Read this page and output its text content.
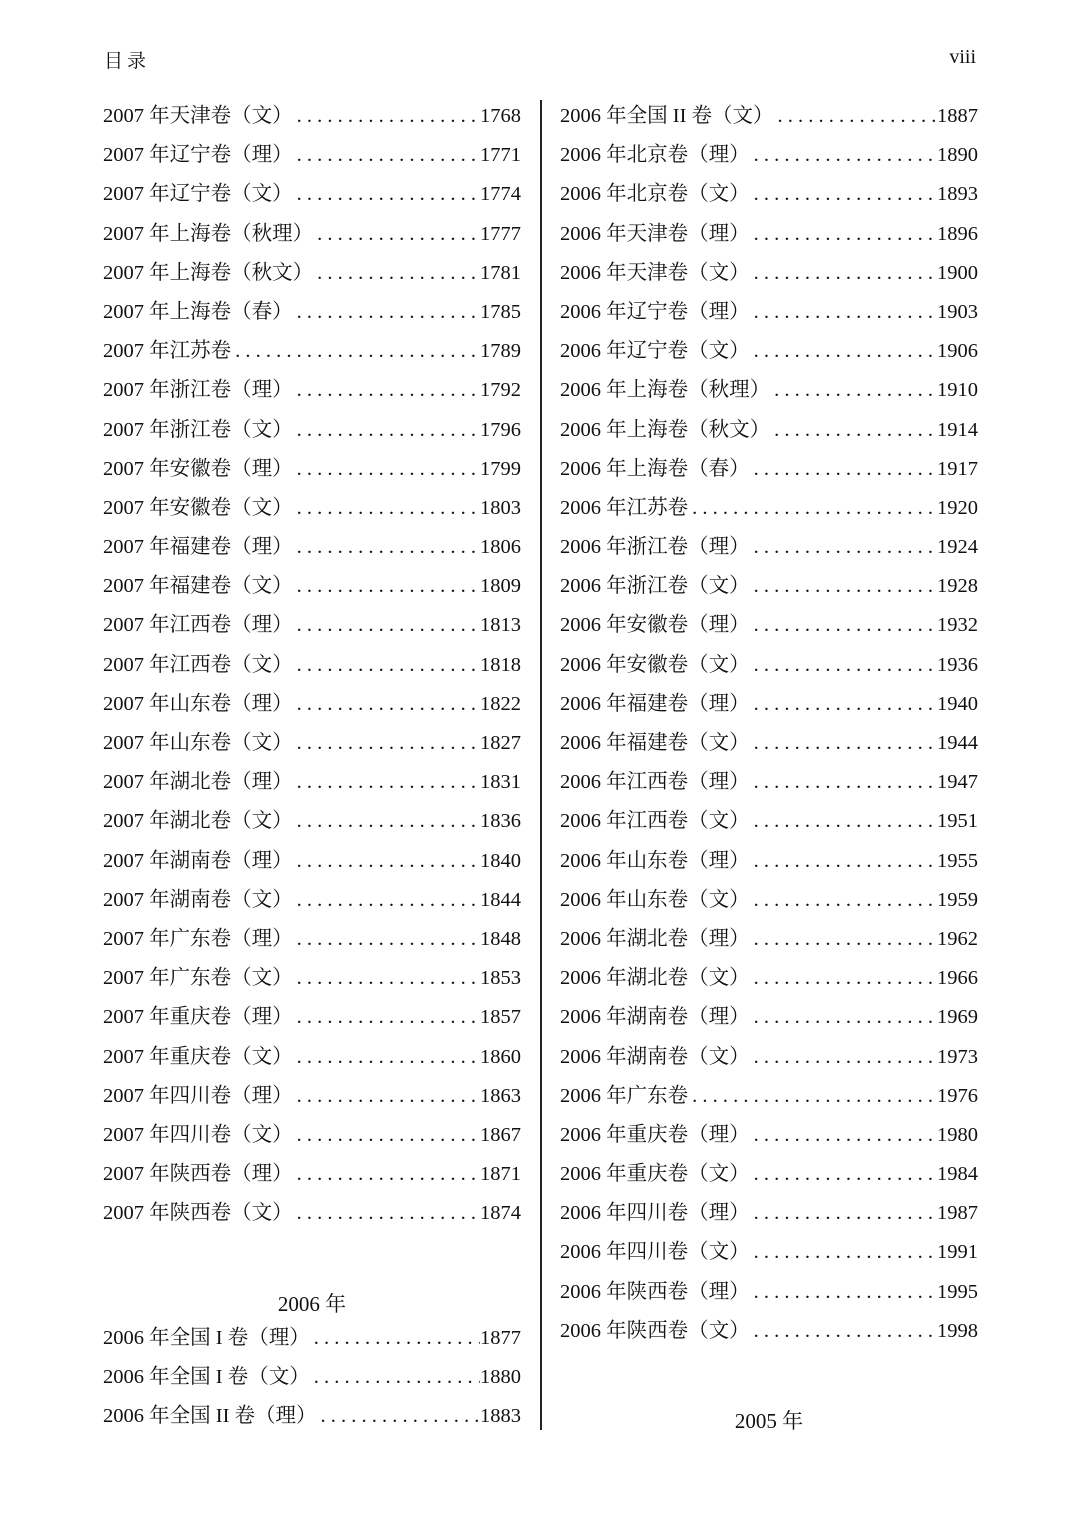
目录	viii
2007 年天津卷（文） . . .	1768
2007 年辽宁卷（理） . . .	1771
2007 年辽宁卷（文） . . .	1774
2007 年上海卷（秋理） . . .	1777
2007 年上海卷（秋文） . . .	1781
2007 年上海卷（春） . . .	1785
2007 年江苏卷 . . .	1789
2007 年浙江卷（理） . . .	1792
2007 年浙江卷（文） . . .	1796
2007 年安徽卷（理） . . .	1799
2007 年安徽卷（文） . . .	1803
2007 年福建卷（理） . . .	1806
2007 年福建卷（文） . . .	1809
2007 年江西卷（理） . . .	1813
2007 年江西卷（文） . . .	1818
2007 年山东卷（理） . . .	1822
2007 年山东卷（文） . . .	1827
2007 年湖北卷（理） . . .	1831
2007 年湖北卷（文） . . .	1836
2007 年湖南卷（理） . . .	1840
2007 年湖南卷（文） . . .	1844
2007 年广东卷（理） . . .	1848
2007 年广东卷（文） . . .	1853
2007 年重庆卷（理） . . .	1857
2007 年重庆卷（文） . . .	1860
2007 年四川卷（理） . . .	1863
2007 年四川卷（文） . . .	1867
2007 年陕西卷（理） . . .	1871
2007 年陕西卷（文） . . .	1874
2006 年
2006 年全国 I 卷（理） . . .	1877
2006 年全国 I 卷（文） . . .	1880
2006 年全国 II 卷（理） . . .	1883
2006 年全国 II 卷（文） . . .	1887
2006 年北京卷（理） . . .	1890
2006 年北京卷（文） . . .	1893
2006 年天津卷（理） . . .	1896
2006 年天津卷（文） . . .	1900
2006 年辽宁卷（理） . . .	1903
2006 年辽宁卷（文） . . .	1906
2006 年上海卷（秋理） . . .	1910
2006 年上海卷（秋文） . . .	1914
2006 年上海卷（春） . . .	1917
2006 年江苏卷 . . .	1920
2006 年浙江卷（理） . . .	1924
2006 年浙江卷（文） . . .	1928
2006 年安徽卷（理） . . .	1932
2006 年安徽卷（文） . . .	1936
2006 年福建卷（理） . . .	1940
2006 年福建卷（文） . . .	1944
2006 年江西卷（理） . . .	1947
2006 年江西卷（文） . . .	1951
2006 年山东卷（理） . . .	1955
2006 年山东卷（文） . . .	1959
2006 年湖北卷（理） . . .	1962
2006 年湖北卷（文） . . .	1966
2006 年湖南卷（理） . . .	1969
2006 年湖南卷（文） . . .	1973
2006 年广东卷 . . .	1976
2006 年重庆卷（理） . . .	1980
2006 年重庆卷（文） . . .	1984
2006 年四川卷（理） . . .	1987
2006 年四川卷（文） . . .	1991
2006 年陕西卷（理） . . .	1995
2006 年陕西卷（文） . . .	1998
2005 年
